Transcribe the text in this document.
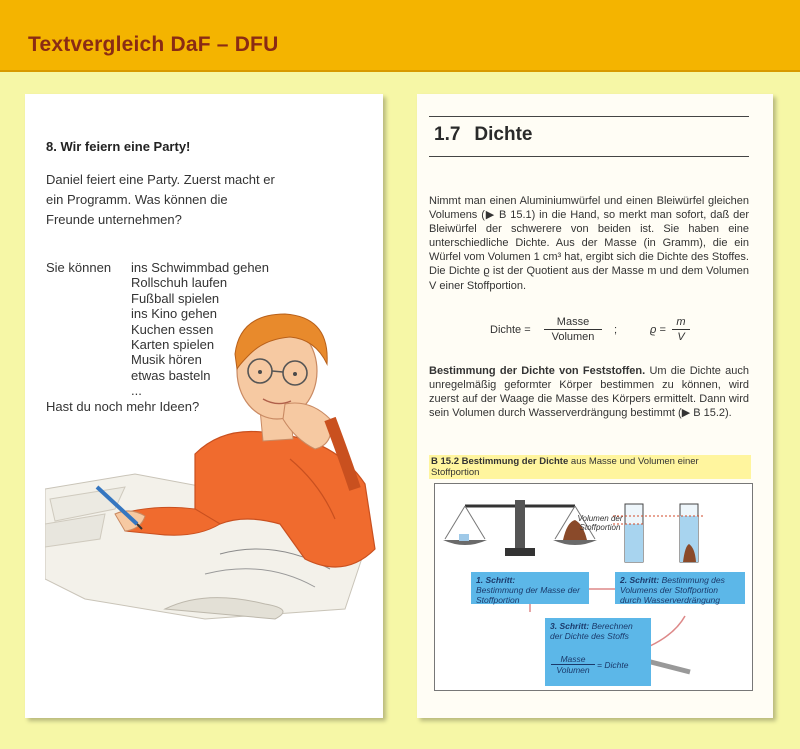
Textvergleich DaF – DFU
8. Wir feiern eine Party!
Daniel feiert eine Party. Zuerst macht er
ein Programm. Was können die
Freunde unternehmen?
Sie können ins Schwimmbad gehen
Rollschuh laufen
Fußball spielen
ins Kino gehen
Kuchen essen
Karten spielen
Musik hören
etwas basteln
...
Hast du noch mehr Ideen?
1.7 Dichte
Nimmt man einen Aluminiumwürfel und einen Bleiwürfel gleichen Volumens (▶ B 15.1) in die Hand, so merkt man sofort, daß der Bleiwürfel der schwerere von beiden ist. Sie haben eine unterschiedliche Dichte. Aus der Masse (in Gramm), die ein Würfel vom Volumen 1 cm³ hat, ergibt sich die Dichte des Stoffes. Die Dichte ϱ ist der Quotient aus der Masse m und dem Volumen V einer Stoffportion.
Dichte =
Masse
Volumen
;	ϱ =
m
V
Bestimmung der Dichte von Feststoffen. Um die Dichte auch unregelmäßig geformter Körper bestimmen zu können, wird zuerst auf der Waage die Masse des Körpers ermittelt. Dann wird sein Volumen durch Wasserverdrängung bestimmt (▶ B 15.2).
B 15.2 Bestimmung der Dichte aus Masse und Volumen einer Stoffportion
Volumen der Stoffportion
1. Schritt:
Bestimmung der Masse der Stoffportion
2. Schritt: Bestimmung des Volumens der Stoffportion durch Wasserverdrängung
3. Schritt: Berechnen der Dichte des Stoffs
Masse
Volumen = Dichte
